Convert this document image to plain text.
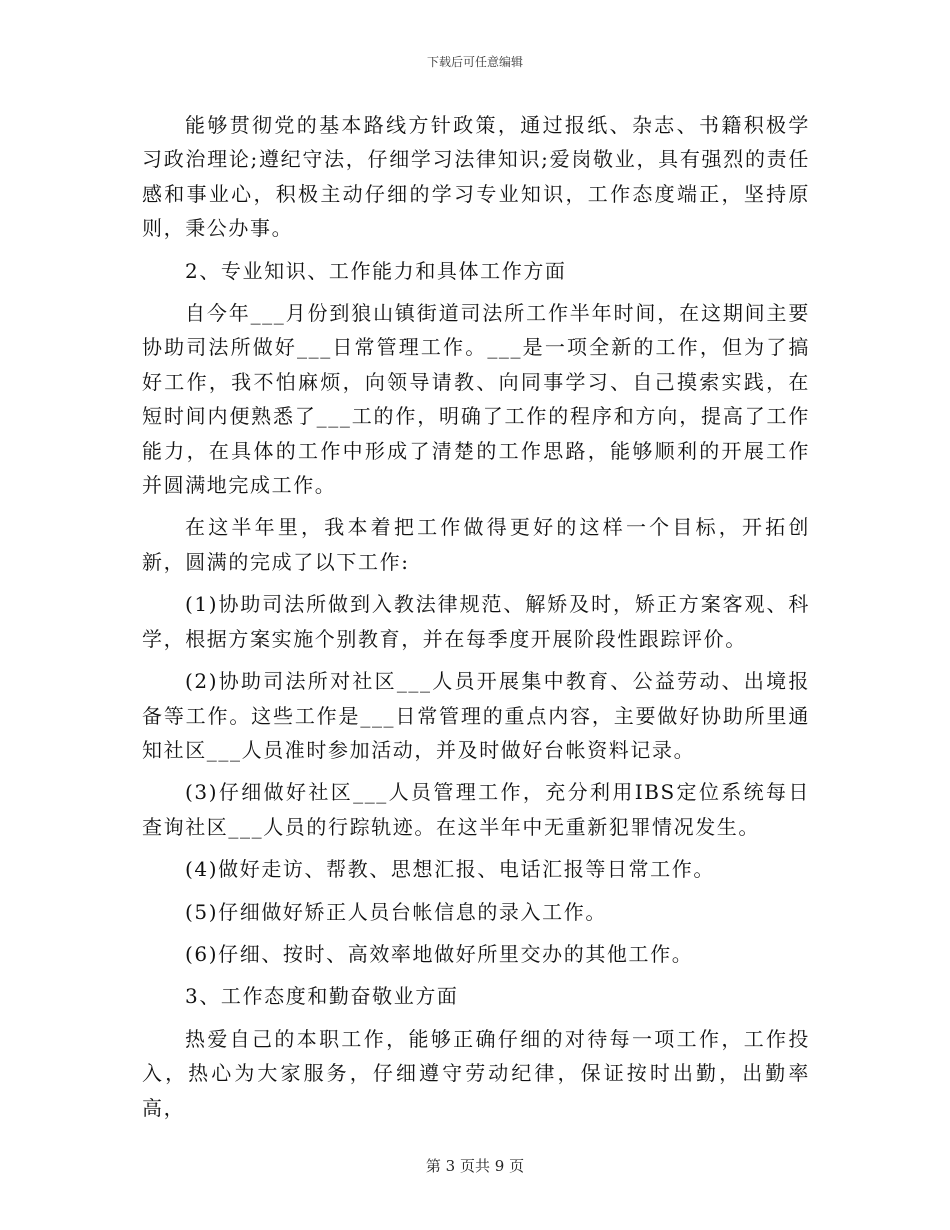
下载后可任意编辑

能够贯彻党的基本路线方针政策，通过报纸、杂志、书籍积极学习政治理论;遵纪守法，仔细学习法律知识;爱岗敬业，具有强烈的责任感和事业心，积极主动仔细的学习专业知识，工作态度端正，坚持原则，秉公办事。

2、专业知识、工作能力和具体工作方面

自今年___月份到狼山镇街道司法所工作半年时间，在这期间主要协助司法所做好___日常管理工作。___是一项全新的工作，但为了搞好工作，我不怕麻烦，向领导请教、向同事学习、自己摸索实践，在短时间内便熟悉了___工的作，明确了工作的程序和方向，提高了工作能力，在具体的工作中形成了清楚的工作思路，能够顺利的开展工作并圆满地完成工作。

在这半年里，我本着把工作做得更好的这样一个目标，开拓创新，圆满的完成了以下工作:

(1)协助司法所做到入教法律规范、解矫及时，矫正方案客观、科学，根据方案实施个别教育，并在每季度开展阶段性跟踪评价。

(2)协助司法所对社区___人员开展集中教育、公益劳动、出境报备等工作。这些工作是___日常管理的重点内容，主要做好协助所里通知社区___人员准时参加活动，并及时做好台帐资料记录。

(3)仔细做好社区___人员管理工作，充分利用IBS定位系统每日查询社区___人员的行踪轨迹。在这半年中无重新犯罪情况发生。

(4)做好走访、帮教、思想汇报、电话汇报等日常工作。

(5)仔细做好矫正人员台帐信息的录入工作。

(6)仔细、按时、高效率地做好所里交办的其他工作。

3、工作态度和勤奋敬业方面

热爱自己的本职工作，能够正确仔细的对待每一项工作，工作投入，热心为大家服务，仔细遵守劳动纪律，保证按时出勤，出勤率高，

第 3 页共 9 页
